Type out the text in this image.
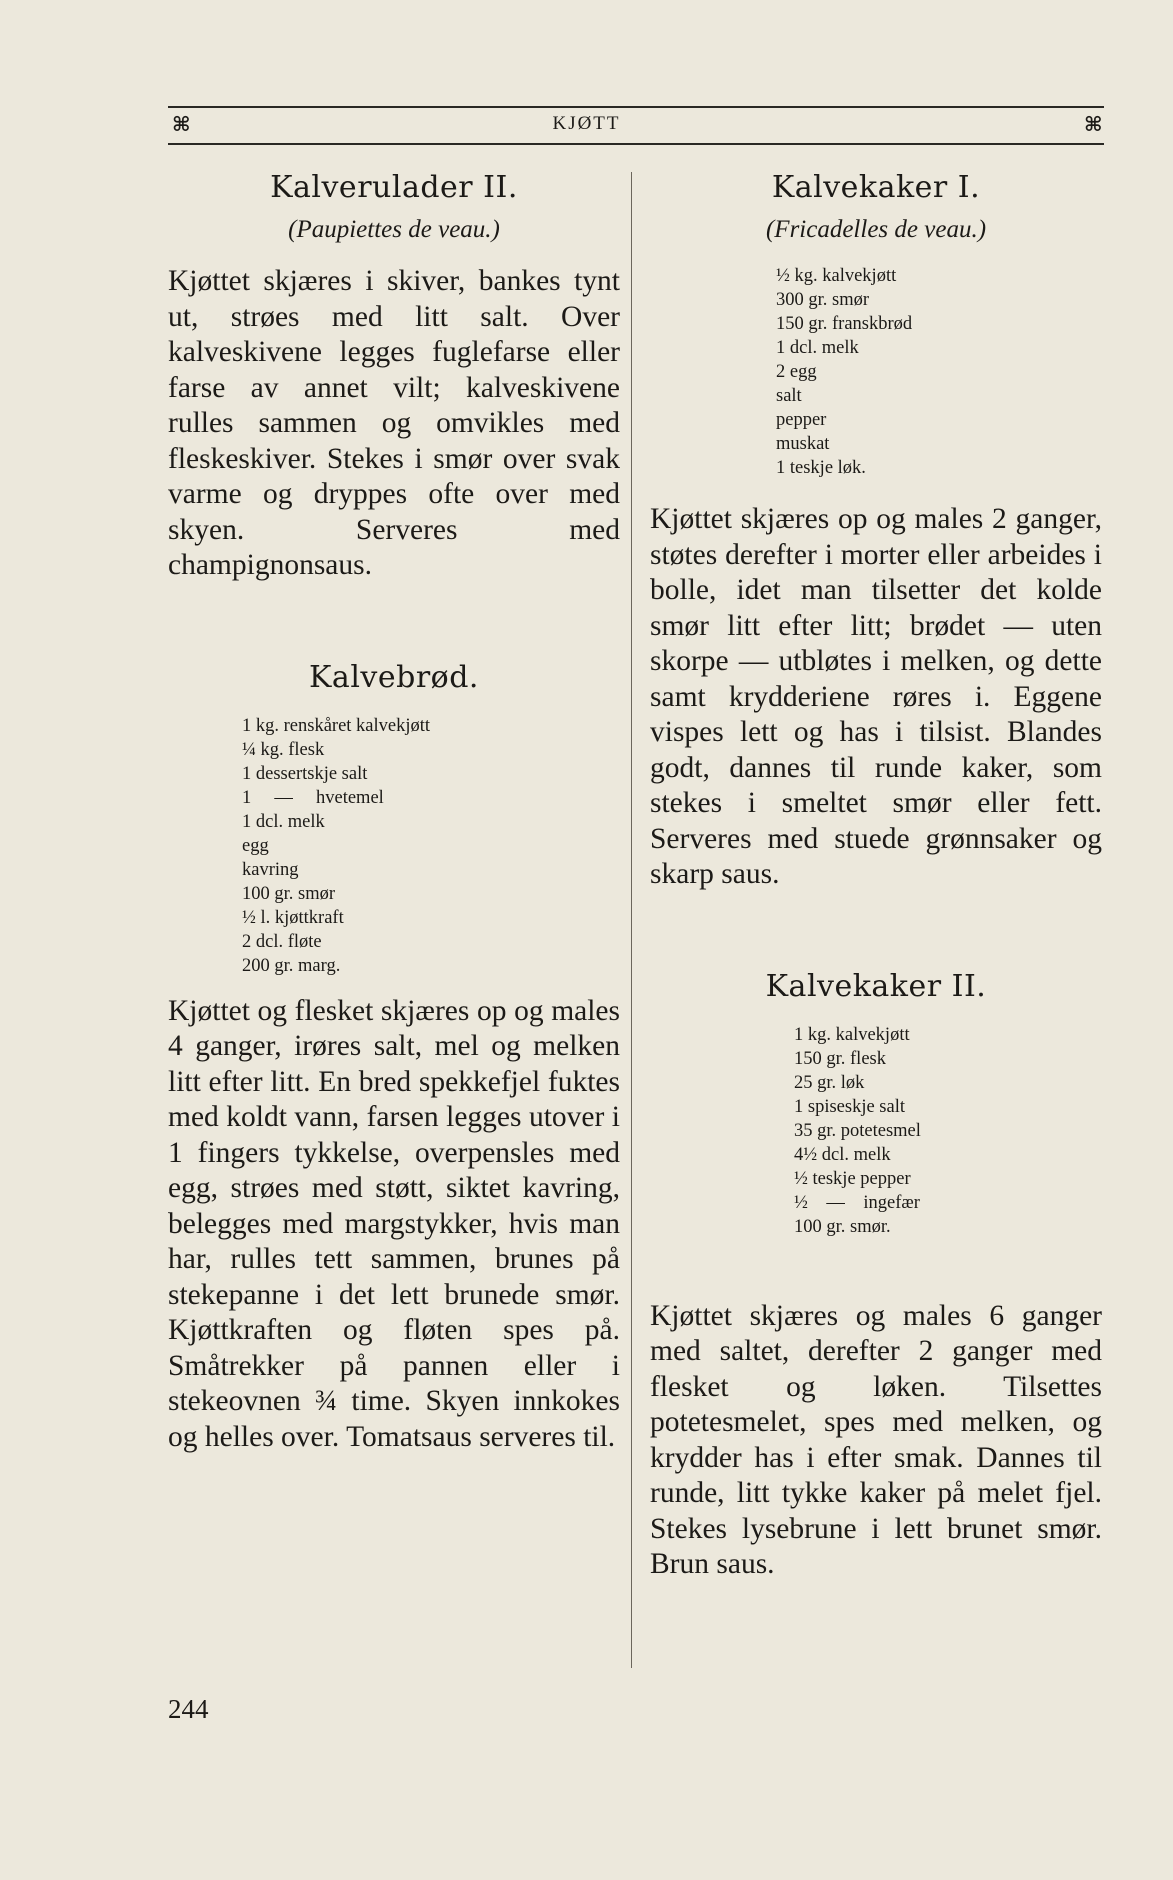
⌘	KJØTT	⌘
Kalverulader II.
(Paupiettes de veau.)

Kjøttet skjæres i skiver, bankes tynt ut, strøes med litt salt. Over kalveskivene legges fuglefarse eller farse av annet vilt; kalveskivene rulles sammen og omvikles med fleskeskiver. Stekes i smør over svak varme og dryppes ofte over med skyen. Serveres med champignonsaus.

Kalvebrød.
1 kg. renskåret kalvekjøtt
¼ kg. flesk
1 dessertskje salt
1     —     hvetemel
1 dcl. melk
egg
kavring
100 gr. smør
½ l. kjøttkraft
2 dcl. fløte
200 gr. marg.

Kjøttet og flesket skjæres op og males 4 ganger, irøres salt, mel og melken litt efter litt. En bred spekkefjel fuktes med koldt vann, farsen legges utover i 1 fingers tykkelse, overpensles med egg, strøes med støtt, siktet kavring, belegges med margstykker, hvis man har, rulles tett sammen, brunes på stekepanne i det lett brunede smør. Kjøttkraften og fløten spes på. Småtrekker på pannen eller i stekeovnen ¾ time. Skyen innkokes og helles over. Tomatsaus serveres til.

Kalvekaker I.
(Fricadelles de veau.)
½ kg. kalvekjøtt
300 gr. smør
150 gr. franskbrød
1 dcl. melk
2 egg
salt
pepper
muskat
1 teskje løk.

Kjøttet skjæres op og males 2 ganger, støtes derefter i morter eller arbeides i bolle, idet man tilsetter det kolde smør litt efter litt; brødet — uten skorpe — utbløtes i melken, og dette samt krydderiene røres i. Eggene vispes lett og has i tilsist. Blandes godt, dannes til runde kaker, som stekes i smeltet smør eller fett. Serveres med stuede grønnsaker og skarp saus.

Kalvekaker II.
1 kg. kalvekjøtt
150 gr. flesk
25 gr. løk
1 spiseskje salt
35 gr. potetesmel
4½ dcl. melk
½ teskje pepper
½    —    ingefær
100 gr. smør.

Kjøttet skjæres og males 6 ganger med saltet, derefter 2 ganger med flesket og løken. Tilsettes potetesmelet, spes med melken, og krydder has i efter smak. Dannes til runde, litt tykke kaker på melet fjel. Stekes lysebrune i lett brunet smør. Brun saus.

244
